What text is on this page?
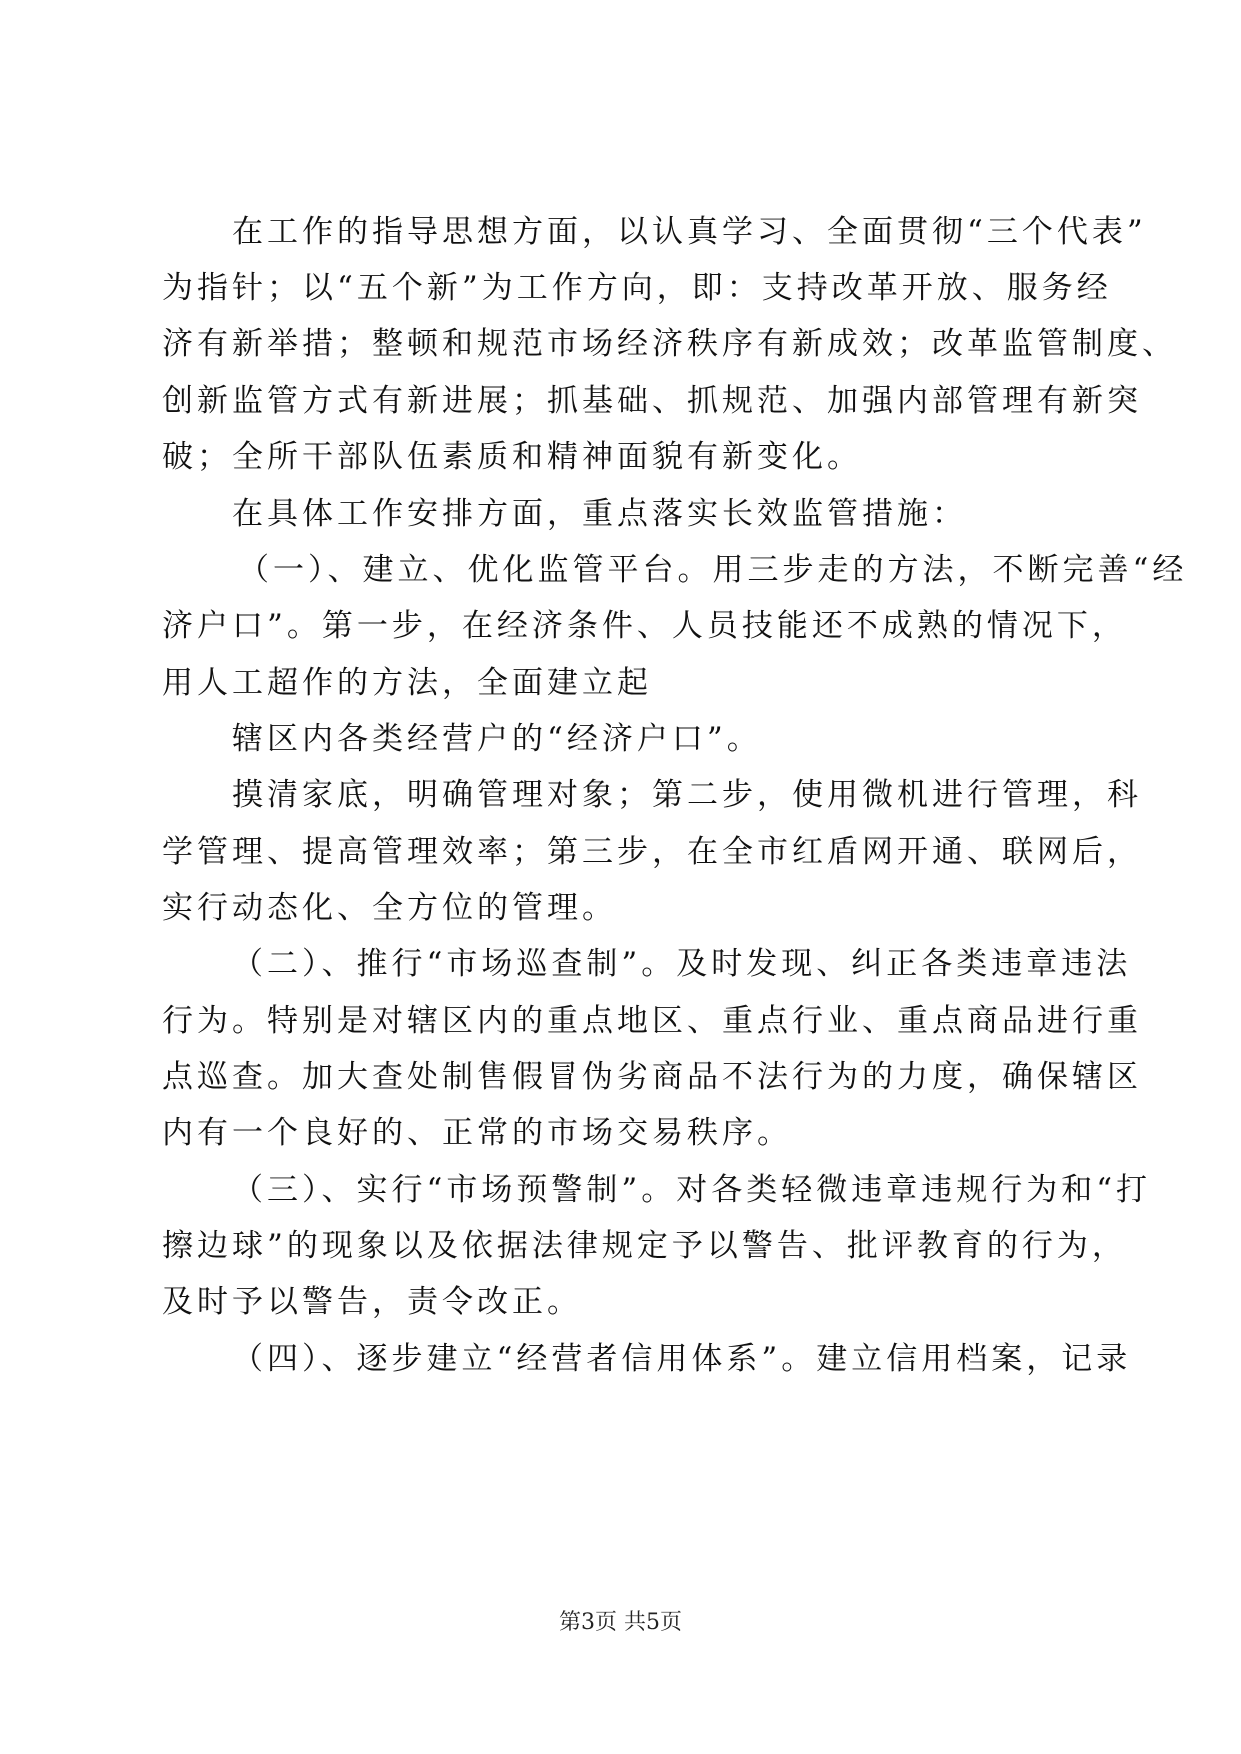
在工作的指导思想方面，以认真学习、全面贯彻“三个代表”
为指针；以“五个新”为工作方向，即：支持改革开放、服务经
济有新举措；整顿和规范市场经济秩序有新成效；改革监管制度、
创新监管方式有新进展；抓基础、抓规范、加强内部管理有新突
破；全所干部队伍素质和精神面貌有新变化。
在具体工作安排方面，重点落实长效监管措施：
（一）、建立、优化监管平台。用三步走的方法，不断完善“经
济户口”。第一步，在经济条件、人员技能还不成熟的情况下，
用人工超作的方法，全面建立起
辖区内各类经营户的“经济户口”。
摸清家底，明确管理对象；第二步，使用微机进行管理，科
学管理、提高管理效率；第三步，在全市红盾网开通、联网后，
实行动态化、全方位的管理。
（二）、推行“市场巡查制”。及时发现、纠正各类违章违法
行为。特别是对辖区内的重点地区、重点行业、重点商品进行重
点巡查。加大查处制售假冒伪劣商品不法行为的力度，确保辖区
内有一个良好的、正常的市场交易秩序。
（三）、实行“市场预警制”。对各类轻微违章违规行为和“打
擦边球”的现象以及依据法律规定予以警告、批评教育的行为，
及时予以警告，责令改正。
（四）、逐步建立“经营者信用体系”。建立信用档案，记录
第3页 共5页
